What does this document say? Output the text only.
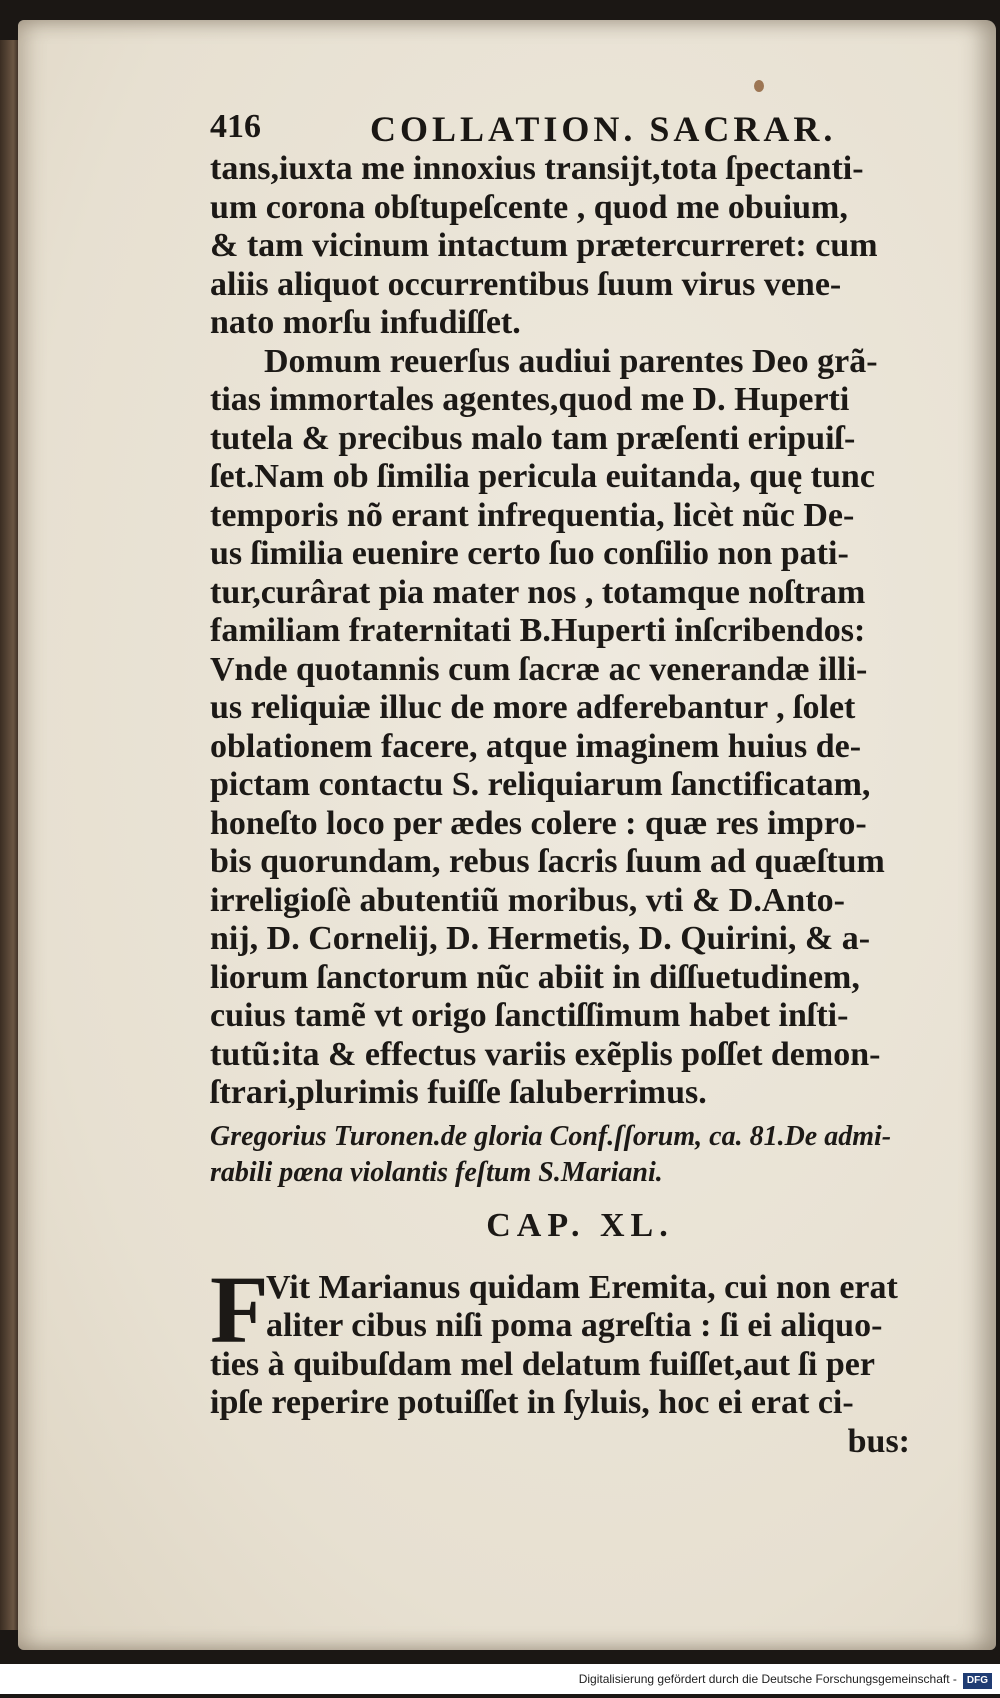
416	COLLATION. SACRAR.
tans,iuxta me innoxius transijt,tota ſpectanti-
um corona obſtupeſcente , quod me obuium,
& tam vicinum intactum prætercurreret: cum
aliis aliquot occurrentibus ſuum virus vene-
nato morſu infudiſſet.
Domum reuerſus audiui parentes Deo grã-
tias immortales agentes,quod me D. Huperti
tutela & precibus malo tam præſenti eripuiſ-
ſet.Nam ob ſimilia pericula euitanda, quę tunc
temporis nõ erant infrequentia, licèt nũc De-
us ſimilia euenire certo ſuo conſilio non pati-
tur,curârat pia mater nos , totamque noſtram
familiam fraternitati B.Huperti inſcribendos:
Vnde quotannis cum ſacræ ac venerandæ illi-
us reliquiæ illuc de more adferebantur , ſolet
oblationem facere, atque imaginem huius de-
pictam contactu S. reliquiarum ſanctificatam,
honeſto loco per ædes colere : quæ res impro-
bis quorundam, rebus ſacris ſuum ad quæſtum
irreligioſè abutentiũ moribus, vti & D.Anto-
nij, D. Cornelij, D. Hermetis, D. Quirini, & a-
liorum ſanctorum nũc abiit in diſſuetudinem,
cuius tamẽ vt origo ſanctiſſimum habet inſti-
tutũ:ita & effectus variis exẽplis poſſet demon-
ſtrari,plurimis fuiſſe ſaluberrimus.
Gregorius Turonen.de gloria Conf.ſſorum, ca. 81.De admi-
rabili pœna violantis feſtum S.Mariani.
CAP. XL.
F
Vit Marianus quidam Eremita, cui non erat
aliter cibus niſi poma agreſtia : ſi ei aliquo-
ties à quibuſdam mel delatum fuiſſet,aut ſi per
ipſe reperire potuiſſet in ſyluis, hoc ei erat ci-
bus:
Digitalisierung gefördert durch die Deutsche Forschungsgemeinschaft - DFG
